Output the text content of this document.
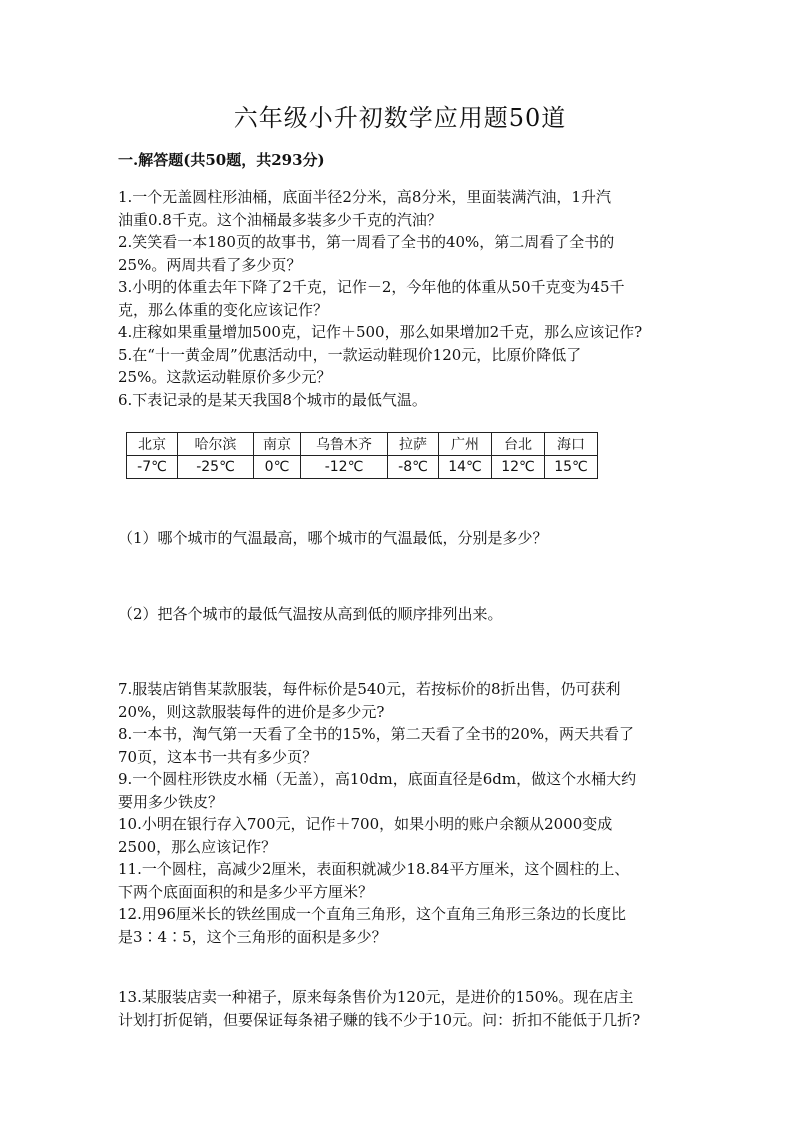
六年级小升初数学应用题50道
一.解答题(共50题，共293分)

1.一个无盖圆柱形油桶，底面半径2分米，高8分米，里面装满汽油，1升汽

油重0.8千克。这个油桶最多装多少千克的汽油？

2.笑笑看一本180页的故事书，第一周看了全书的40%，第二周看了全书的

25%。两周共看了多少页？

3.小明的体重去年下降了2千克，记作－2，今年他的体重从50千克变为45千

克，那么体重的变化应该记作？

4.庄稼如果重量增加500克，记作＋500，那么如果增加2千克，那么应该记作?

5.在“十一黄金周”优惠活动中，一款运动鞋现价120元，比原价降低了

25%。这款运动鞋原价多少元？

6.下表记录的是某天我国8个城市的最低气温。

北京	哈尔滨	南京	乌鲁木齐	拉萨	广州	台北	海口
-7℃	-25℃	0℃	-12℃	-8℃	14℃	12℃	15℃
（1）哪个城市的气温最高，哪个城市的气温最低，分别是多少？
（2）把各个城市的最低气温按从高到低的顺序排列出来。

7.服装店销售某款服装，每件标价是540元，若按标价的8折出售，仍可获利

20%，则这款服装每件的进价是多少元?

8.一本书，淘气第一天看了全书的15%，第二天看了全书的20%，两天共看了

70页，这本书一共有多少页？

9.一个圆柱形铁皮水桶（无盖），高10dm，底面直径是6dm，做这个水桶大约

要用多少铁皮？

10.小明在银行存入700元，记作＋700，如果小明的账户余额从2000变成

2500，那么应该记作？

11.一个圆柱，高减少2厘米，表面积就减少18.84平方厘米，这个圆柱的上、

下两个底面面积的和是多少平方厘米？

12.用96厘米长的铁丝围成一个直角三角形，这个直角三角形三条边的长度比

是3∶4∶5，这个三角形的面积是多少？

13.某服装店卖一种裙子，原来每条售价为120元，是进价的150%。现在店主

计划打折促销，但要保证每条裙子赚的钱不少于10元。问：折扣不能低于几折?
